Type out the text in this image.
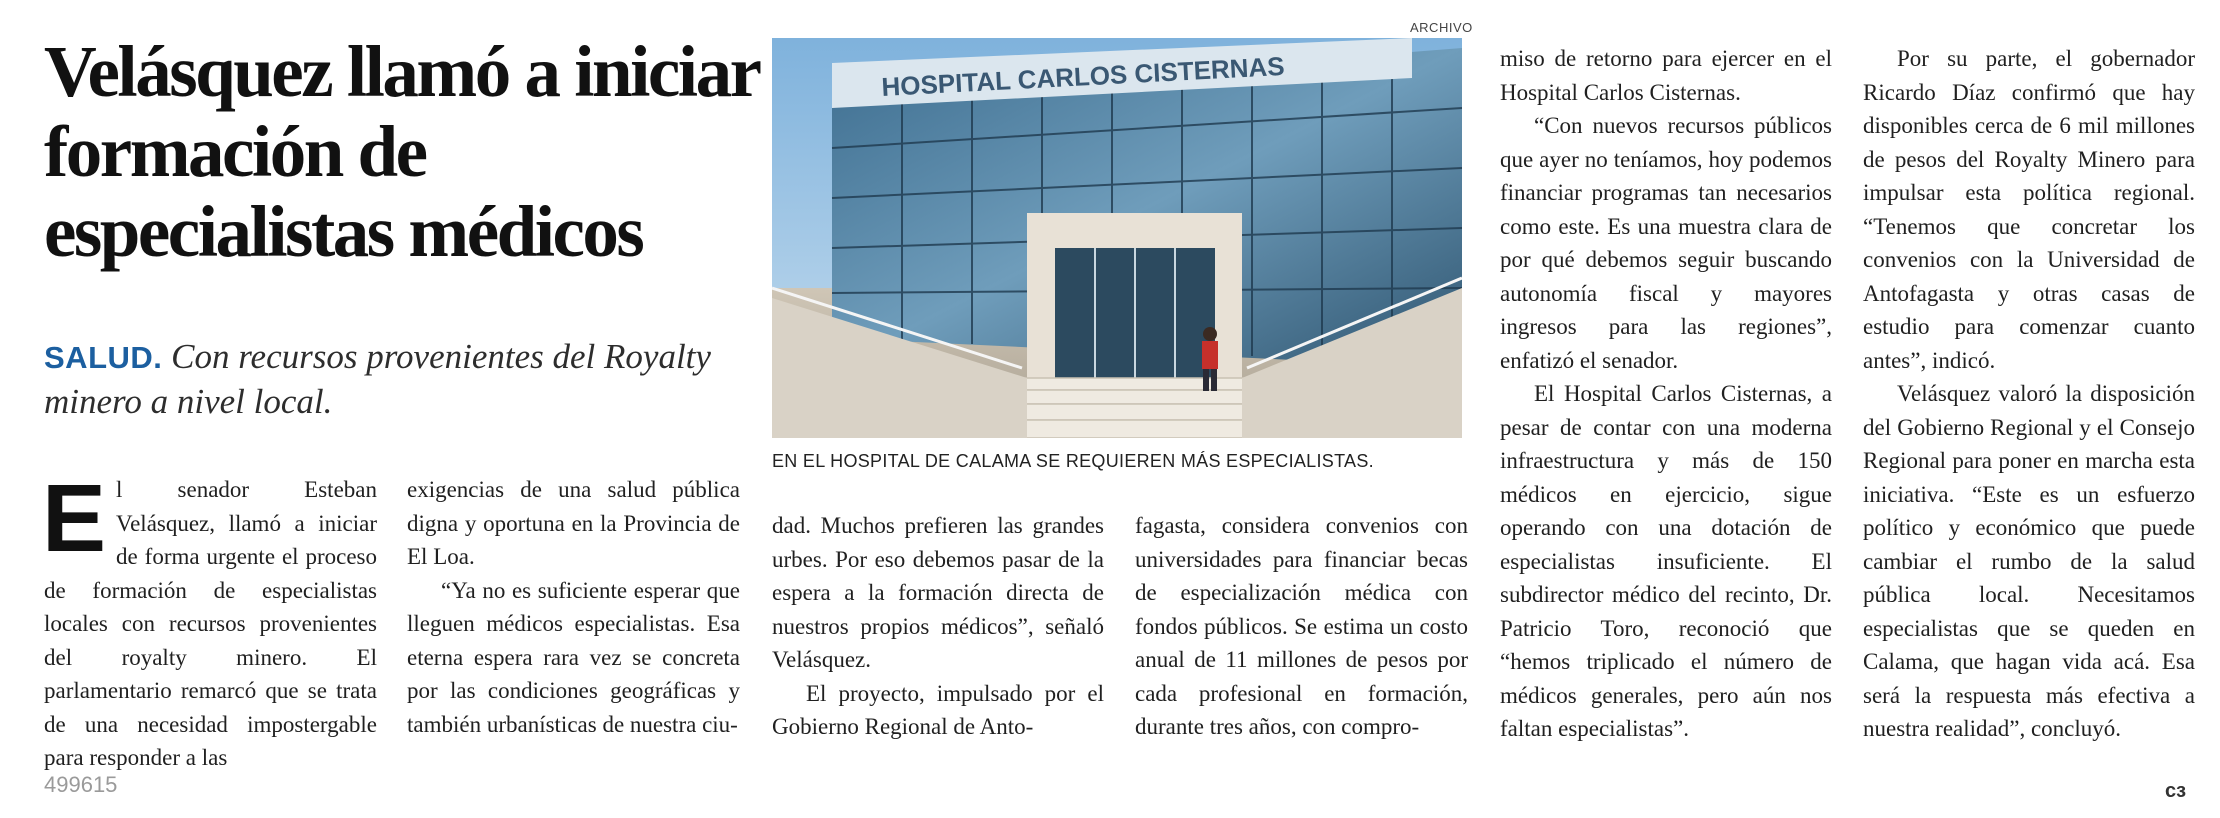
Velásquez llamó a iniciar formación de especialistas médicos
SALUD. Con recursos provenientes del Royalty minero a nivel local.

E l senador Esteban Velásquez, llamó a iniciar de forma urgente el proceso de formación de especialistas locales con recursos provenientes del royalty minero. El parlamentario remarcó que se trata de una necesidad impostergable para responder a las

exigencias de una salud pública digna y oportuna en la Provincia de El Loa.

“Ya no es suficiente esperar que lleguen médicos especialistas. Esa eterna espera rara vez se concreta por las condiciones geográficas y también urbanísticas de nuestra ciu-

ARCHIVO
HOSPITAL CARLOS CISTERNAS
EN EL HOSPITAL DE CALAMA SE REQUIEREN MÁS ESPECIALISTAS.

dad. Muchos prefieren las grandes urbes. Por eso debemos pasar de la espera a la formación directa de nuestros propios médicos”, señaló Velásquez.

El proyecto, impulsado por el Gobierno Regional de Anto-

fagasta, considera convenios con universidades para financiar becas de especialización médica con fondos públicos. Se estima un costo anual de 11 millones de pesos por cada profesional en formación, durante tres años, con compro-

miso de retorno para ejercer en el Hospital Carlos Cisternas.

“Con nuevos recursos públicos que ayer no teníamos, hoy podemos financiar programas tan necesarios como este. Es una muestra clara de por qué debemos seguir buscando autonomía fiscal y mayores ingresos para las regiones”, enfatizó el senador.

El Hospital Carlos Cisternas, a pesar de contar con una moderna infraestructura y más de 150 médicos en ejercicio, sigue operando con una dotación de especialistas insuficiente. El subdirector médico del recinto, Dr. Patricio Toro, reconoció que “hemos triplicado el número de médicos generales, pero aún nos faltan especialistas”.

Por su parte, el gobernador Ricardo Díaz confirmó que hay disponibles cerca de 6 mil millones de pesos del Royalty Minero para impulsar esta política regional. “Tenemos que concretar los convenios con la Universidad de Antofagasta y otras casas de estudio para comenzar cuanto antes”, indicó.

Velásquez valoró la disposición del Gobierno Regional y el Consejo Regional para poner en marcha esta iniciativa. “Este es un esfuerzo político y económico que puede cambiar el rumbo de la salud pública local. Necesitamos especialistas que se queden en Calama, que hagan vida acá. Esa será la respuesta más efectiva a nuestra realidad”, concluyó.

cз
499615
